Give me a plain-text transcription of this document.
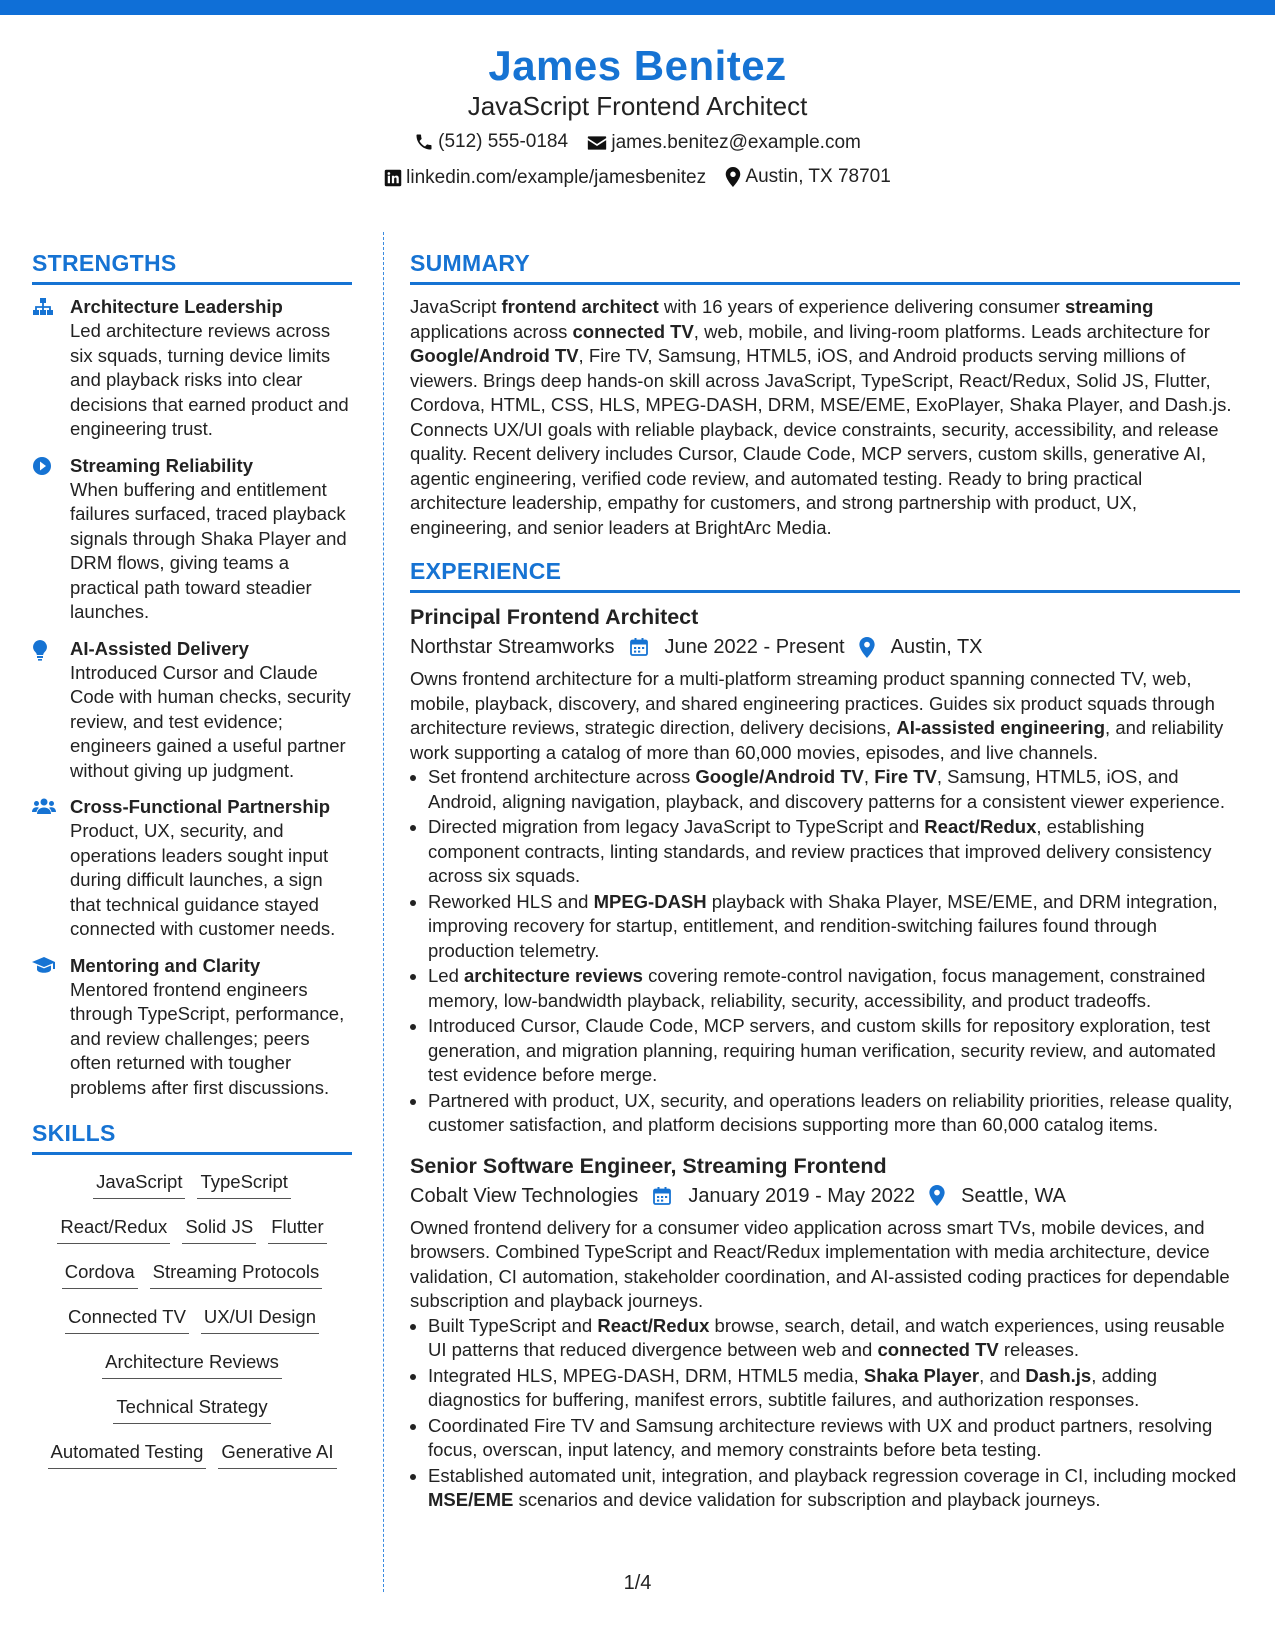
James Benitez
JavaScript Frontend Architect
(512) 555-0184
james.benitez@example.com
linkedin.com/example/jamesbenitez
Austin, TX 78701
STRENGTHS
Architecture Leadership
Led architecture reviews across six squads, turning device limits and playback risks into clear decisions that earned product and engineering trust.
Streaming Reliability
When buffering and entitlement failures surfaced, traced playback signals through Shaka Player and DRM flows, giving teams a practical path toward steadier launches.
AI-Assisted Delivery
Introduced Cursor and Claude Code with human checks, security review, and test evidence; engineers gained a useful partner without giving up judgment.
Cross-Functional Partnership
Product, UX, security, and operations leaders sought input during difficult launches, a sign that technical guidance stayed connected with customer needs.
Mentoring and Clarity
Mentored frontend engineers through TypeScript, performance, and review challenges; peers often returned with tougher problems after first discussions.
SKILLS
JavaScript TypeScript
React/Redux Solid JS Flutter
Cordova Streaming Protocols
Connected TV UX/UI Design
Architecture Reviews
Technical Strategy
Automated Testing Generative AI
SUMMARY
JavaScript frontend architect with 16 years of experience delivering consumer streaming applications across connected TV, web, mobile, and living-room platforms. Leads architecture for Google/Android TV, Fire TV, Samsung, HTML5, iOS, and Android products serving millions of viewers. Brings deep hands-on skill across JavaScript, TypeScript, React/Redux, Solid JS, Flutter, Cordova, HTML, CSS, HLS, MPEG-DASH, DRM, MSE/EME, ExoPlayer, Shaka Player, and Dash.js. Connects UX/UI goals with reliable playback, device constraints, security, accessibility, and release quality. Recent delivery includes Cursor, Claude Code, MCP servers, custom skills, generative AI, agentic engineering, verified code review, and automated testing. Ready to bring practical architecture leadership, empathy for customers, and strong partnership with product, UX, engineering, and senior leaders at BrightArc Media.
EXPERIENCE
Principal Frontend Architect
Northstar Streamworks	June 2022 - Present Austin, TX
Owns frontend architecture for a multi-platform streaming product spanning connected TV, web, mobile, playback, discovery, and shared engineering practices. Guides six product squads through architecture reviews, strategic direction, delivery decisions, AI-assisted engineering, and reliability work supporting a catalog of more than 60,000 movies, episodes, and live channels.
• Set frontend architecture across Google/Android TV, Fire TV, Samsung, HTML5, iOS, and Android, aligning navigation, playback, and discovery patterns for a consistent viewer experience.
• Directed migration from legacy JavaScript to TypeScript and React/Redux, establishing component contracts, linting standards, and review practices that improved delivery consistency across six squads.
• Reworked HLS and MPEG-DASH playback with Shaka Player, MSE/EME, and DRM integration, improving recovery for startup, entitlement, and rendition-switching failures found through production telemetry.
• Led architecture reviews covering remote-control navigation, focus management, constrained memory, low-bandwidth playback, reliability, security, accessibility, and product tradeoffs.
• Introduced Cursor, Claude Code, MCP servers, and custom skills for repository exploration, test generation, and migration planning, requiring human verification, security review, and automated test evidence before merge.
• Partnered with product, UX, security, and operations leaders on reliability priorities, release quality, customer satisfaction, and platform decisions supporting more than 60,000 catalog items.
Senior Software Engineer, Streaming Frontend
Cobalt View Technologies	January 2019 - May 2022 Seattle, WA
Owned frontend delivery for a consumer video application across smart TVs, mobile devices, and browsers. Combined TypeScript and React/Redux implementation with media architecture, device validation, CI automation, stakeholder coordination, and AI-assisted coding practices for dependable subscription and playback journeys.
• Built TypeScript and React/Redux browse, search, detail, and watch experiences, using reusable UI patterns that reduced divergence between web and connected TV releases.
• Integrated HLS, MPEG-DASH, DRM, HTML5 media, Shaka Player, and Dash.js, adding diagnostics for buffering, manifest errors, subtitle failures, and authorization responses.
• Coordinated Fire TV and Samsung architecture reviews with UX and product partners, resolving focus, overscan, input latency, and memory constraints before beta testing.
• Established automated unit, integration, and playback regression coverage in CI, including mocked MSE/EME scenarios and device validation for subscription and playback journeys.
1/4
